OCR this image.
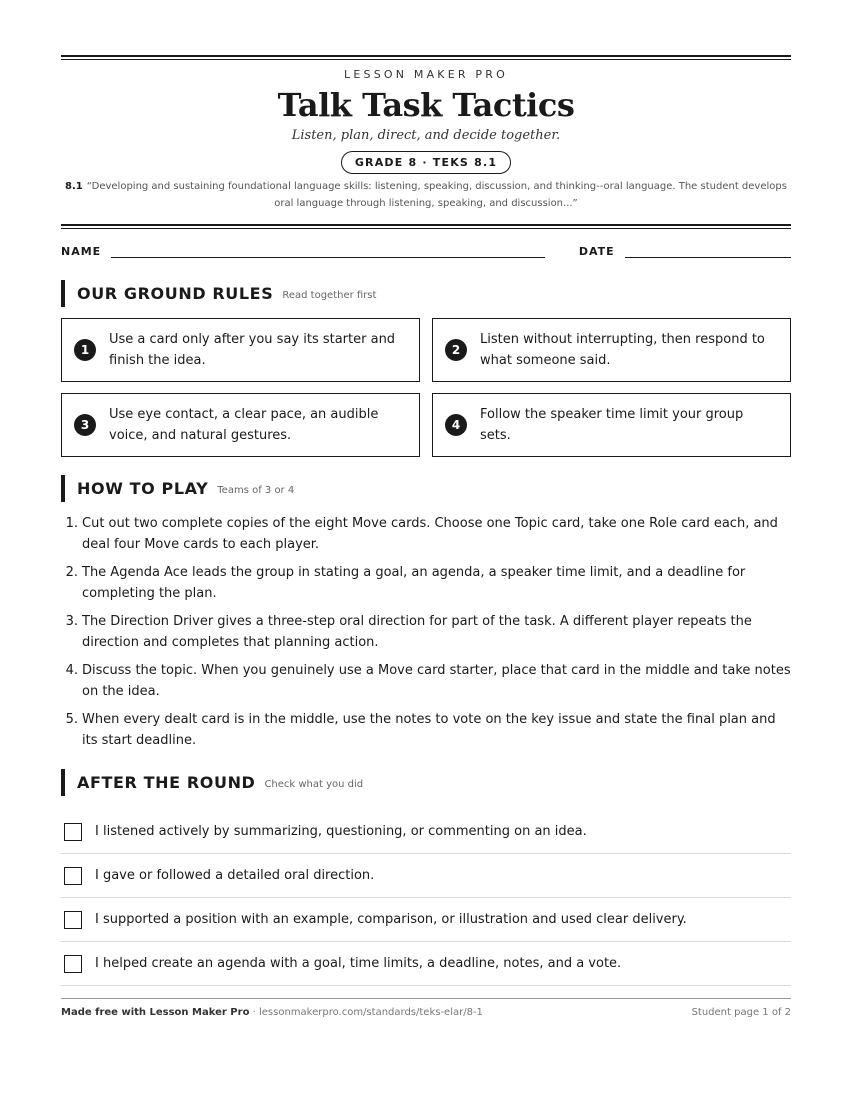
LESSON MAKER PRO
Talk Task Tactics
Listen, plan, direct, and decide together.
GRADE 8 · TEKS 8.1
8.1 “Developing and sustaining foundational language skills: listening, speaking, discussion, and thinking--oral language. The student develops oral language through listening, speaking, and discussion...”
NAME	DATE
OUR GROUND RULES Read together first
1
Use a card only after you say its starter and finish the idea.
2
Listen without interrupting, then respond to what someone said.
3
Use eye contact, a clear pace, an audible voice, and natural gestures.
4
Follow the speaker time limit your group sets.
HOW TO PLAY Teams of 3 or 4
1. Cut out two complete copies of the eight Move cards. Choose one Topic card, take one Role card each, and deal four Move cards to each player.
2. The Agenda Ace leads the group in stating a goal, an agenda, a speaker time limit, and a deadline for completing the plan.
3. The Direction Driver gives a three-step oral direction for part of the task. A different player repeats the direction and completes that planning action.
4. Discuss the topic. When you genuinely use a Move card starter, place that card in the middle and take notes on the idea.
5. When every dealt card is in the middle, use the notes to vote on the key issue and state the final plan and its start deadline.
AFTER THE ROUND Check what you did
I listened actively by summarizing, questioning, or commenting on an idea.
I gave or followed a detailed oral direction.
I supported a position with an example, comparison, or illustration and used clear delivery.
I helped create an agenda with a goal, time limits, a deadline, notes, and a vote.
Made free with Lesson Maker Pro · lessonmakerpro.com/standards/teks-elar/8-1	Student page 1 of 2
